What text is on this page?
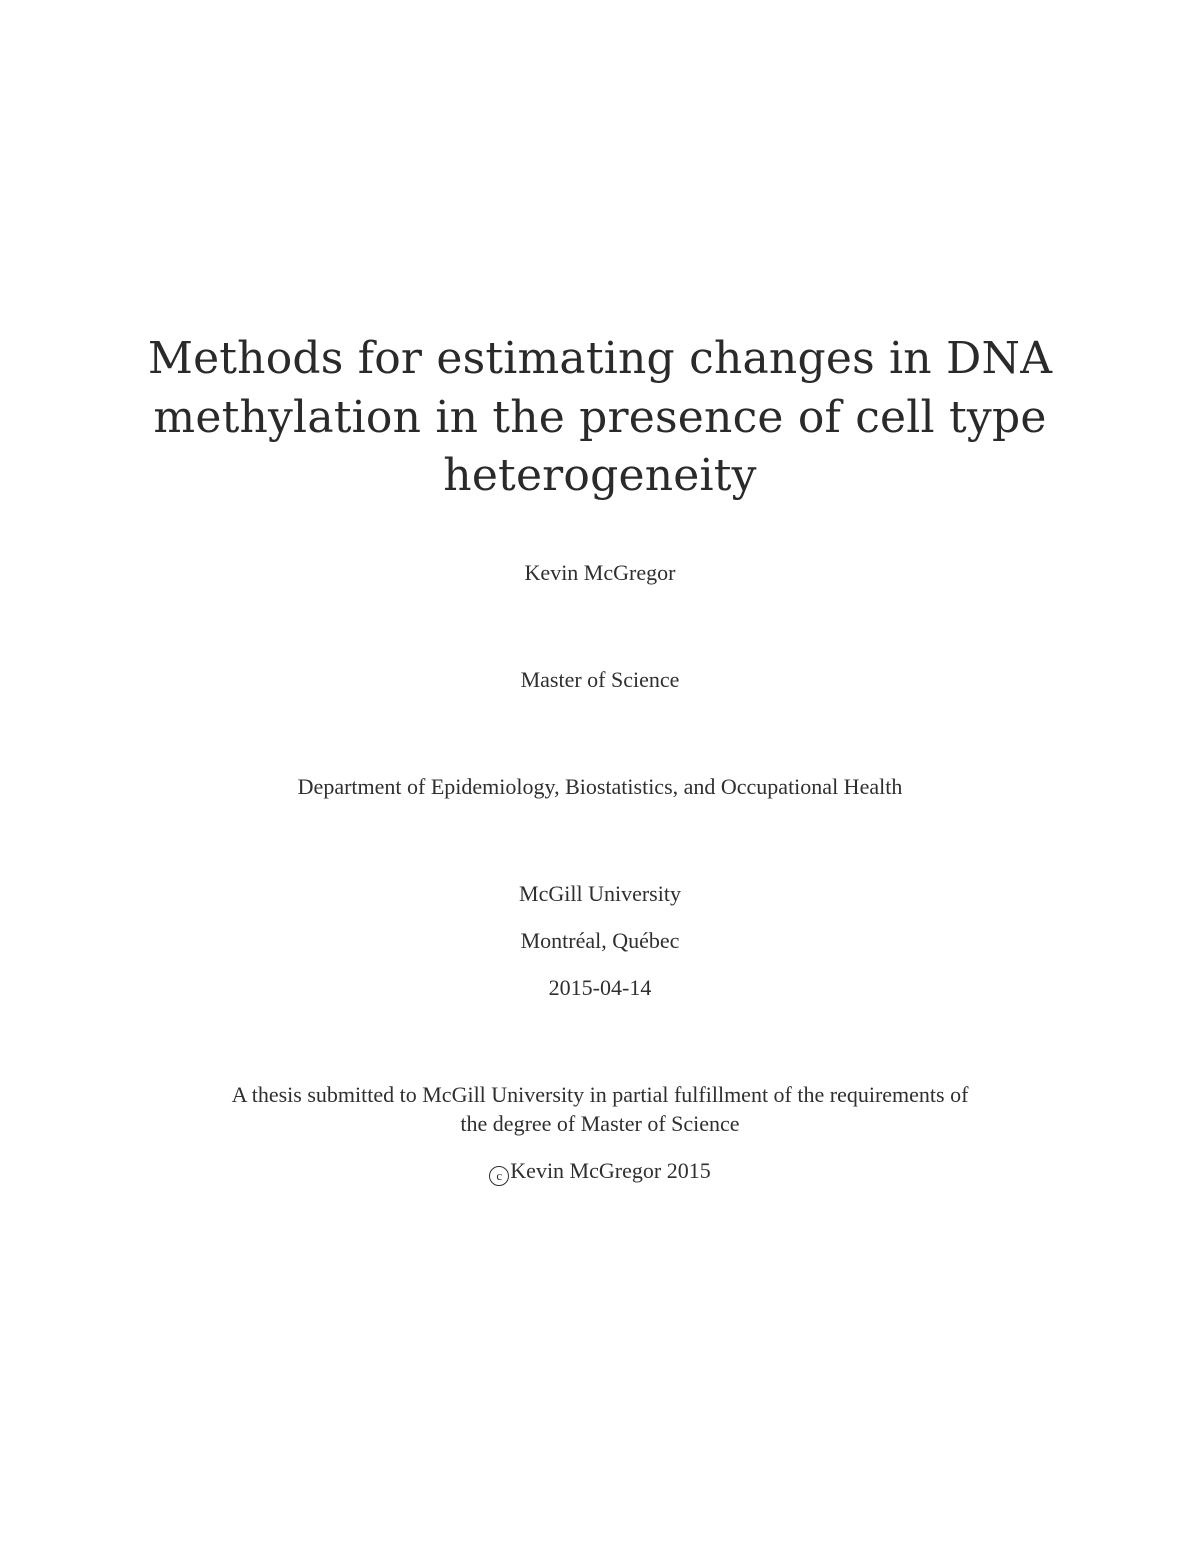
Methods for estimating changes in DNA
methylation in the presence of cell type
heterogeneity
Kevin McGregor
Master of Science
Department of Epidemiology, Biostatistics, and Occupational Health
McGill University
Montréal, Québec
2015-04-14
A thesis submitted to McGill University in partial fulfillment of the requirements of
the degree of Master of Science
c Kevin McGregor 2015
